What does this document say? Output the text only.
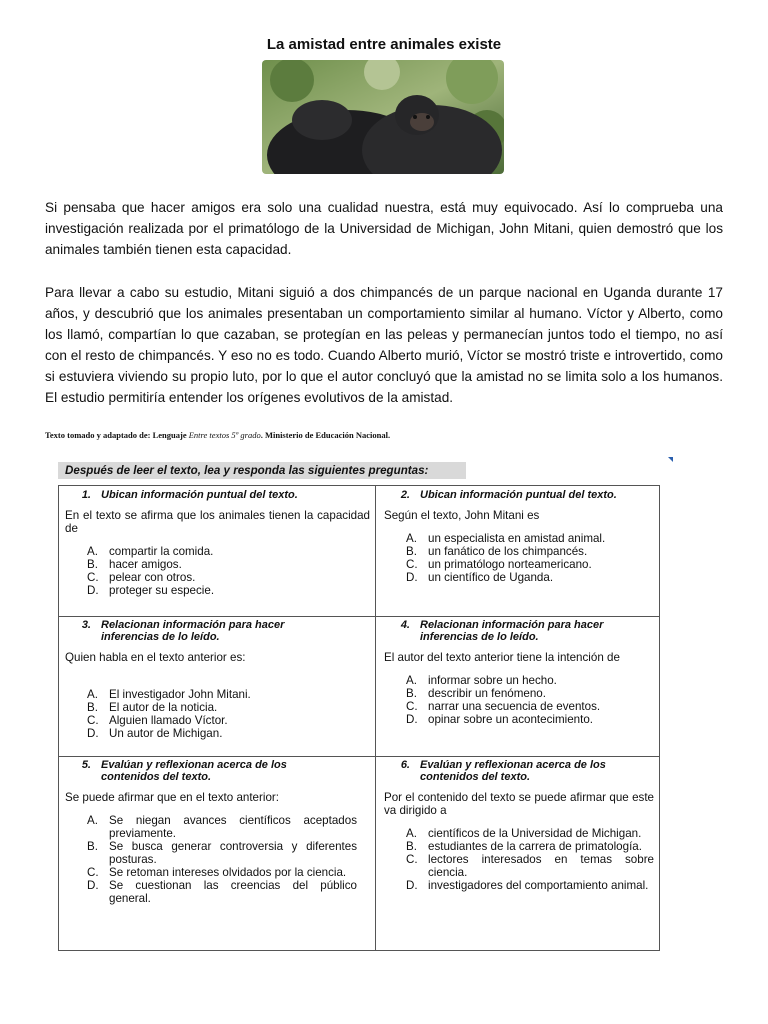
La amistad entre animales existe
Si pensaba que hacer amigos era solo una cualidad nuestra, está muy equivocado. Así lo comprueba una investigación realizada por el primatólogo de la Universidad de Michigan, John Mitani, quien demostró que los animales también tienen esta capacidad.
Para llevar a cabo su estudio, Mitani siguió a dos chimpancés de un parque nacional en Uganda durante 17 años, y descubrió que los animales presentaban un comportamiento similar al humano. Víctor y Alberto, como los llamó, compartían lo que cazaban, se protegían en las peleas y permanecían juntos todo el tiempo, no así con el resto de chimpancés. Y eso no es todo. Cuando Alberto murió, Víctor se mostró triste e introvertido, como si estuviera viviendo su propio luto, por lo que el autor concluyó que la amistad no se limita solo a los humanos. El estudio permitiría entender los orígenes evolutivos de la amistad.
Texto tomado y adaptado de: Lenguaje Entre textos 5º grado. Ministerio de Educación Nacional.
Después de leer el texto, lea y responda las siguientes preguntas:
1. Ubican información puntual del texto.
En el texto se afirma que los animales tienen la capacidad de
A. compartir la comida.
B. hacer amigos.
C. pelear con otros.
D. proteger su especie.
2. Ubican información puntual del texto.
Según el texto, John Mitani es
A. un especialista en amistad animal.
B. un fanático de los chimpancés.
C. un primatólogo norteamericano.
D. un científico de Uganda.
3. Relacionan información para hacer inferencias de lo leído.
Quien habla en el texto anterior es:
A. El investigador John Mitani.
B. El autor de la noticia.
C. Alguien llamado Víctor.
D. Un autor de Michigan.
4. Relacionan información para hacer inferencias de lo leído.
El autor del texto anterior tiene la intención de
A. informar sobre un hecho.
B. describir un fenómeno.
C. narrar una secuencia de eventos.
D. opinar sobre un acontecimiento.
5. Evalúan y reflexionan acerca de los contenidos del texto.
Se puede afirmar que en el texto anterior:
A. Se niegan avances científicos aceptados previamente.
B. Se busca generar controversia y diferentes posturas.
C. Se retoman intereses olvidados por la ciencia.
D. Se cuestionan las creencias del público general.
6. Evalúan y reflexionan acerca de los contenidos del texto.
Por el contenido del texto se puede afirmar que este va dirigido a
A. científicos de la Universidad de Michigan.
B. estudiantes de la carrera de primatología.
C. lectores interesados en temas sobre ciencia.
D. investigadores del comportamiento animal.
